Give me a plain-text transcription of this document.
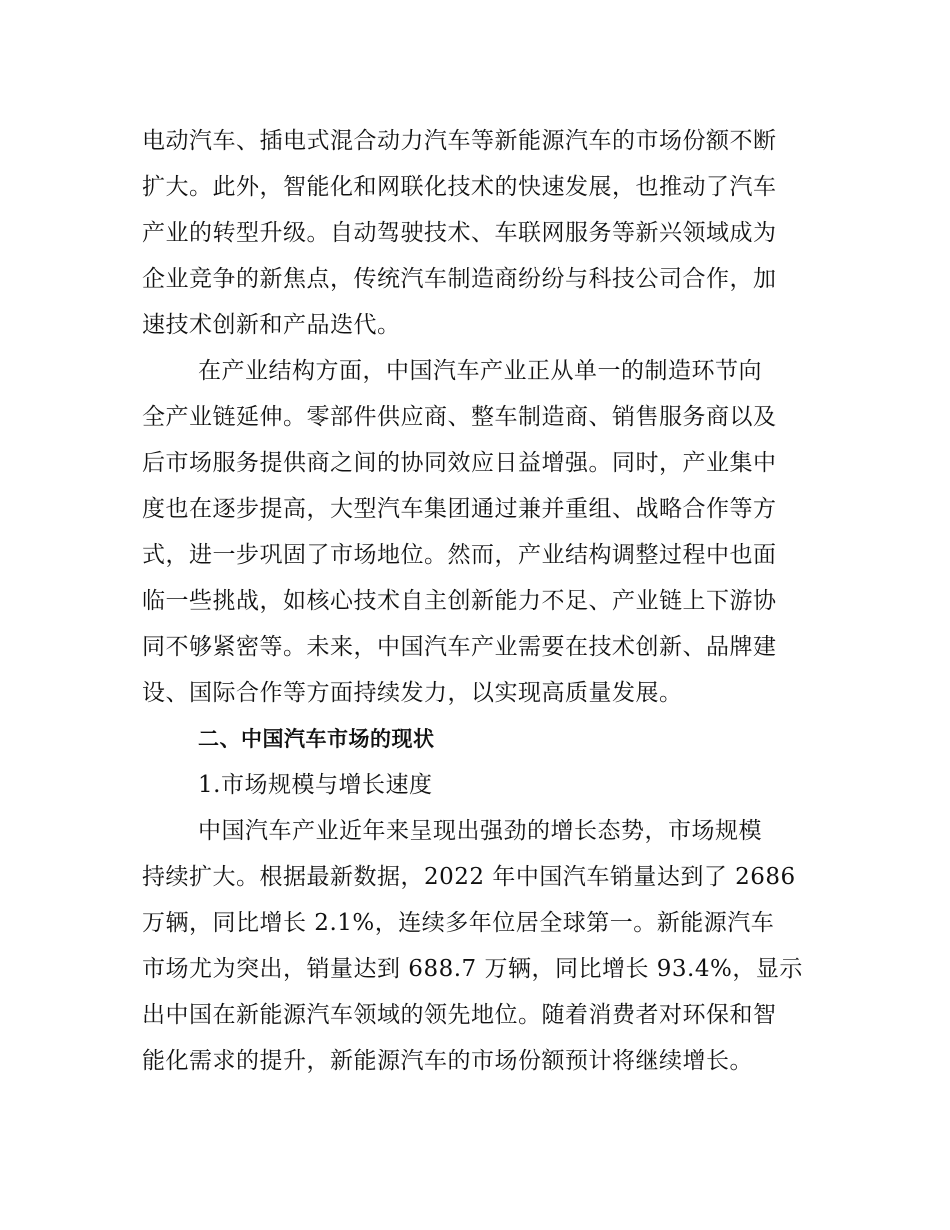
电动汽车、插电式混合动力汽车等新能源汽车的市场份额不断
扩大。此外，智能化和网联化技术的快速发展，也推动了汽车
产业的转型升级。自动驾驶技术、车联网服务等新兴领域成为
企业竞争的新焦点，传统汽车制造商纷纷与科技公司合作，加
速技术创新和产品迭代。
在产业结构方面，中国汽车产业正从单一的制造环节向
全产业链延伸。零部件供应商、整车制造商、销售服务商以及
后市场服务提供商之间的协同效应日益增强。同时，产业集中
度也在逐步提高，大型汽车集团通过兼并重组、战略合作等方
式，进一步巩固了市场地位。然而，产业结构调整过程中也面
临一些挑战，如核心技术自主创新能力不足、产业链上下游协
同不够紧密等。未来，中国汽车产业需要在技术创新、品牌建
设、国际合作等方面持续发力，以实现高质量发展。
二、中国汽车市场的现状
1.市场规模与增长速度
中国汽车产业近年来呈现出强劲的增长态势，市场规模
持续扩大。根据最新数据，2022 年中国汽车销量达到了 2686
万辆，同比增长 2.1%，连续多年位居全球第一。新能源汽车
市场尤为突出，销量达到 688.7 万辆，同比增长 93.4%，显示
出中国在新能源汽车领域的领先地位。随着消费者对环保和智
能化需求的提升，新能源汽车的市场份额预计将继续增长。
